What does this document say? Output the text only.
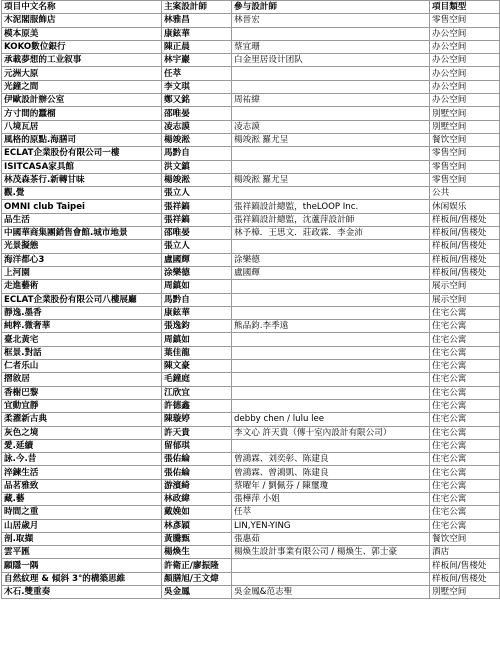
項目中文名称	主案設計師	參与設計師	項目類型
木泥閣服飾店	林雅昌	林晉宏	零售空间
模本原美	康鉉華		办公空间
KOKO數位銀行	陳正晨	蔡宜珊	办公空间
承載夢想的工业叙事	林宇巖	白金里居设计团队	办公空间
元洲大原	任萃		办公空间
光鐘之間	李文琪		办公空间
伊歐設計辦公室	鄭又銘	周祐緯	办公空间
方寸間的蠶榴	邵唯晏		別墅空间
八境瓦居	凌志謨	凌志謨	別墅空间
風格的原點.海膳司	楊竣淞	楊竣淞 羅尤呈	餐饮空间
ECLAT企業股份有限公司一樓	馬黔自		零售空间
ISITCASA家具館	洪文鎮		零售空间
林茂森茶行.新轉甘味	楊竣淞	楊竣淞 羅尤呈	零售空间
觀.覺	張立人		公共
OMNI club Taipei	張祥鎬	張祥鎬設計總監，theLOOP Inc.	休闲娱乐
品生活	張祥鎬	張祥鎬設計總監，沈蘆萍設計師	样板间/售楼处
中國華商集團銷售會館.城市地景	邵唯晏	林予樟．王思文．莊政霖．李金沛	样板间/售楼处
光景擬態	張立人		样板间/售楼处
海洋都心3	盧國輝	涂樂德	样板间/售楼处
上河園	涂樂德	盧國輝	样板间/售楼处
走進藝術	周鎮如		展示空间
ECLAT企業股份有限公司八樓展廳	馬黔自		展示空间
靜逸.墨香	康鉉華		住宅公寓
純粹.微奢華	張逸鈞	熊品鈞.李季遠	住宅公寓
臺北黃宅	周鎮如		住宅公寓
框景.對話	葉佳龍		住宅公寓
仁者乐山	陳文豪		住宅公寓
摺敘居	毛鐘庭		住宅公寓
香榭巴黎	江欣宜		住宅公寓
宜動宜靜	許德鑫		住宅公寓
柔濯新古典	陳璇婷	debby chen / lulu lee	住宅公寓
灰色之境	許天貴	李文心 許天貴（傳十室內設計有限公司）	住宅公寓
愛.延續	留郁琪		住宅公寓
詠.今.昔	張佑綸	曾鴻霖、刘奕彰、陈建良	住宅公寓
淬鍊生活	張佑綸	曾鴻霖、曾鴻凱、陈建良	住宅公寓
品茗雅致	游濱綺	蔡曜年 / 劉佩芬 / 陳璽瓊	住宅公寓
藏.藝	林政緯	張樺萍 小姐	住宅公寓
時間之重	戴娩如	任萃	住宅公寓
山居歲月	林彥穎	LIN,YEN-YING	住宅公寓
剖.取擷	黃騰甄	張惠茹	餐饮空间
雲平匯	楊煥生	楊煥生設計事業有限公司 / 楊煥生、郭士豪	酒店
願隱一隅	許衛正/廖振隆		样板间/售楼处
自然紋理 & 傾斜 3°的構築思維	顏膳旭/王文煒		样板间/售楼处
木石.雙重奏	吳金鳳	吳金鳳&范志聖	別墅空间
